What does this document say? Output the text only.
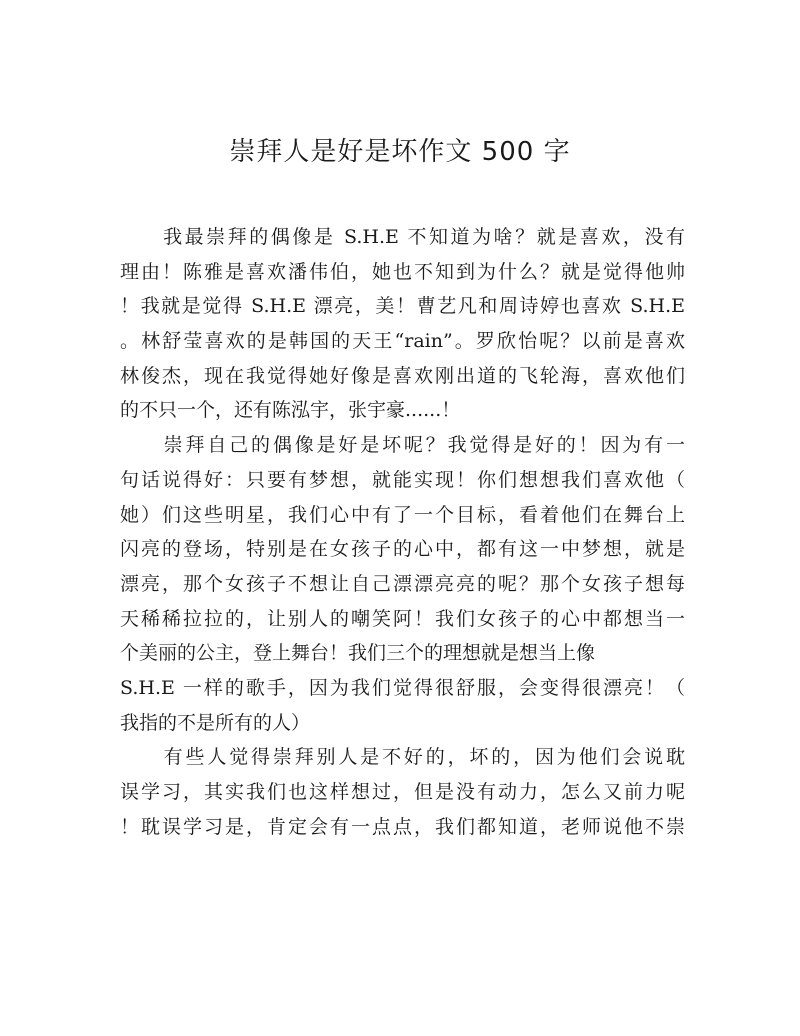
崇拜人是好是坏作文 500 字
　　我最崇拜的偶像是 S.H.E 不知道为啥？就是喜欢，没有
理由！陈雅是喜欢潘伟伯，她也不知到为什么？就是觉得他帅
！我就是觉得 S.H.E 漂亮，美！曹艺凡和周诗婷也喜欢 S.H.E
。林舒莹喜欢的是韩国的天王“rain”。罗欣怡呢？以前是喜欢
林俊杰，现在我觉得她好像是喜欢刚出道的飞轮海，喜欢他们
的不只一个，还有陈泓宇，张宇豪......！
　　崇拜自己的偶像是好是坏呢？我觉得是好的！因为有一
句话说得好：只要有梦想，就能实现！你们想想我们喜欢他（
她）们这些明星，我们心中有了一个目标，看着他们在舞台上
闪亮的登场，特别是在女孩子的心中，都有这一中梦想，就是
漂亮，那个女孩子不想让自己漂漂亮亮的呢？那个女孩子想每
天稀稀拉拉的，让别人的嘲笑阿！我们女孩子的心中都想当一
个美丽的公主，登上舞台！我们三个的理想就是想当上像
S.H.E 一样的歌手，因为我们觉得很舒服，会变得很漂亮！（
我指的不是所有的人）
　　有些人觉得崇拜别人是不好的，坏的，因为他们会说耽
误学习，其实我们也这样想过，但是没有动力，怎么又前力呢
！耽误学习是，肯定会有一点点，我们都知道，老师说他不崇
